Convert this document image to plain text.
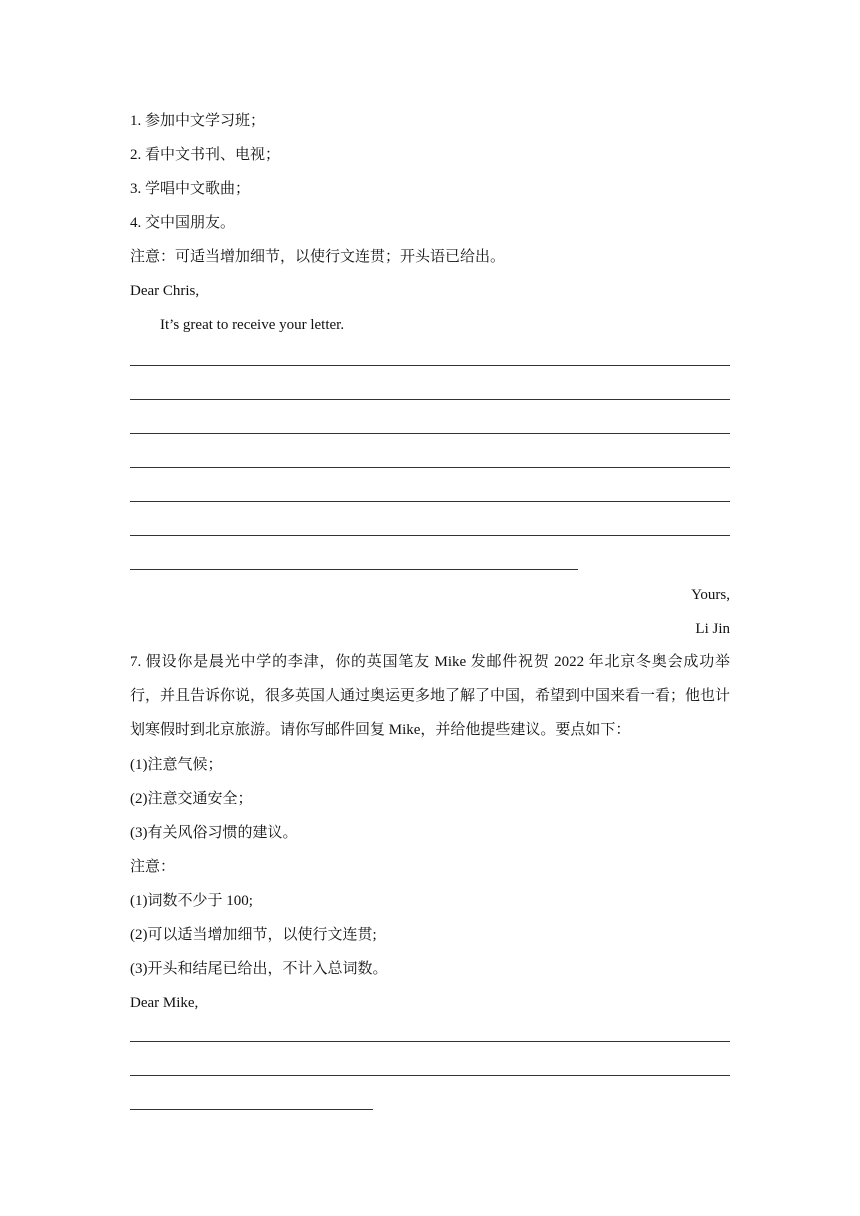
1. 参加中文学习班；
2. 看中文书刊、电视；
3. 学唱中文歌曲；
4. 交中国朋友。
注意：可适当增加细节，以使行文连贯；开头语已给出。
Dear Chris,
It’s great to receive your letter.
Yours,
Li Jin
7. 假设你是晨光中学的李津，你的英国笔友 Mike 发邮件祝贺 2022 年北京冬奥会成功举行，并且告诉你说，很多英国人通过奥运更多地了解了中国，希望到中国来看一看；他也计划寒假时到北京旅游。请你写邮件回复 Mike，并给他提些建议。要点如下：
(1)注意气候；
(2)注意交通安全；
(3)有关风俗习惯的建议。
注意：
(1)词数不少于 100;
(2)可以适当增加细节，以使行文连贯;
(3)开头和结尾已给出，不计入总词数。
Dear Mike,
